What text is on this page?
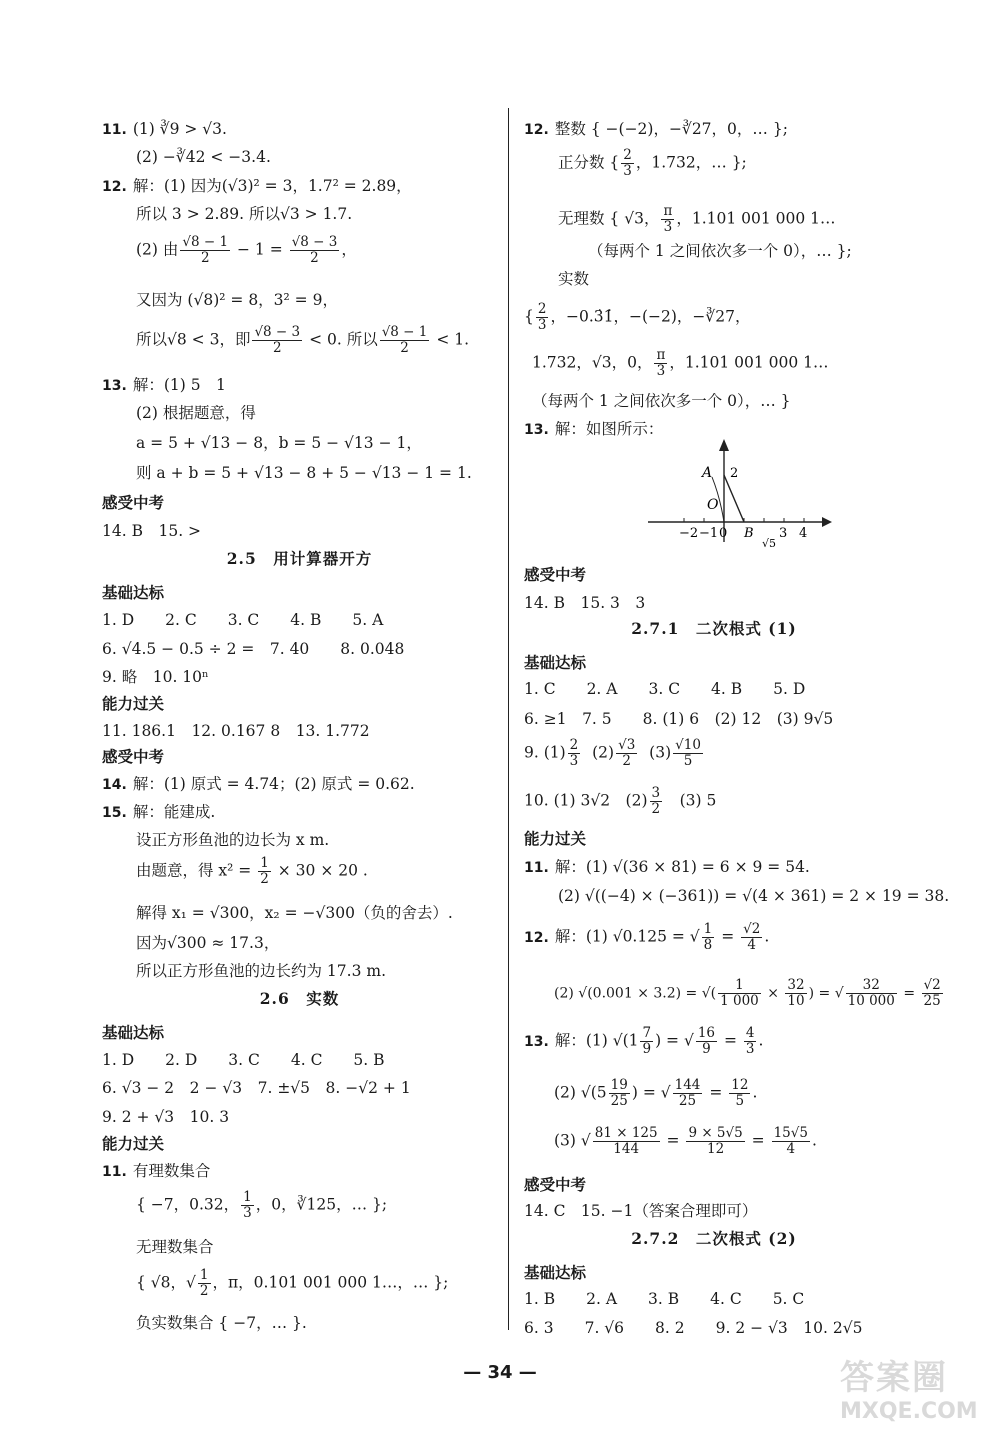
11. (1) ∛9 > √3.
(2) −∛42 < −3.4.
12. 解：(1) 因为(√3)² = 3，1.7² = 2.89，
所以 3 > 2.89. 所以√3 > 1.7.
(2) 由 $\frac{√8 - 1}{2} - 1 = \frac{√8 - 3}{2}$ ，
又因为 (√8)² = 8，3² = 9，
所以√8 < 3，即 $\frac{√8 - 3}{2} < 0$. 所以 $\frac{√8 - 1}{2} < 1$.
13. 解：(1) 5　1
(2) 根据题意，得
a = 5 + √13 − 8，b = 5 − √13 − 1，
则 a + b = 5 + √13 − 8 + 5 − √13 − 1 = 1.
感受中考
14. B　15. >
2.5　用计算器开方
基础达标
1. D　　2. C　　3. C　　4. B　　5. A
6. √4.5 − 0.5 ÷ 2 =　7. 40　　8. 0.048
9. 略　10. 10ⁿ
能力过关
11. 186.1　12. 0.167 8　13. 1.772
感受中考
14. 解：(1) 原式 = 4.74；(2) 原式 = 0.62.
15. 解：能建成.
设正方形鱼池的边长为 x m.
由题意，得 $x^2 = \frac{1}{2} \times 30 \times 20$ .
解得 x₁ = √300，x₂ = −√300（负的舍去）.
因为√300 ≈ 17.3，
所以正方形鱼池的边长约为 17.3 m.
2.6　实数
基础达标
1. D　　2. D　　3. C　　4. C　　5. B
6. √3 − 2　2 − √3　7. ±√5　8. −√2 + 1
9. 2 + √3　10. 3
能力过关
11. 有理数集合
{ −7，0.32， $\frac{1}{3}$ ，0，∛125，… };
无理数集合
{ √8，√ $\frac{1}{2}$ ，π，0.101 001 000 1…，… };
负实数集合 { −7，… }.
12. 整数 { −(−2)，−∛27，0，… };
正分数 { $\frac{2}{3}$ ，1.732，… };
无理数 { √3， $\frac{\pi}{3}$ ，1.101 001 000 1…
（每两个 1 之间依次多一个 0），… };
实数
{ $\frac{2}{3}$ ，−0.3̇1̇，−(−2)，−∛27，
1.732，√3，0， $\frac{\pi}{3}$ ，1.101 001 000 1…
（每两个 1 之间依次多一个 0），… }
13. 解：如图所示：
A 2
O
−2 −1 0	3 4
B
√5
感受中考
14. B　15. 3　3
2.7.1　二次根式 (1)
基础达标
1. C　　2. A　　3. C　　4. B　　5. D
6. ≥1　7. 5　　8. (1) 6　(2) 12　(3) 9√5
9. $(1) \frac{2}{3} (2) \frac{√3}{2} (3) \frac{√10}{5}$
10. (1) 3√2　$(2) \frac{3}{2}$ 　(3) 5
能力过关
11. 解：(1) √(36 × 81) = 6 × 9 = 54.
(2) √((−4) × (−361)) = √(4 × 361) = 2 × 19 = 38.
12. 解：(1) √0.125 = √ $\frac{1}{8} = \frac{√2}{4}$ .
(2) √(0.001 × 3.2) = √( $\frac{1}{1 000} \times \frac{32}{10}$ ) = √ $\frac{32}{10 000} = \frac{√2}{25}$
13. 解：(1) $√(1 \frac{7}{9}$ ) = √ $\frac{16}{9} = \frac{4}{3}$ .
(2) $√(5 \frac{19}{25}$ ) = √ $\frac{144}{25} = \frac{12}{5}$ .
(3) √ $\frac{81 \times 125}{144} = \frac{9 \times 5√5}{12} = \frac{15√5}{4}$ .
感受中考
14. C　15. −1（答案合理即可）
2.7.2　二次根式 (2)
基础达标
1. B　　2. A　　3. B　　4. C　　5. C
6. 3　　7. √6　　8. 2　　9. 2 − √3　10. 2√5
— 34 —	答案圈
MXQE.COM
